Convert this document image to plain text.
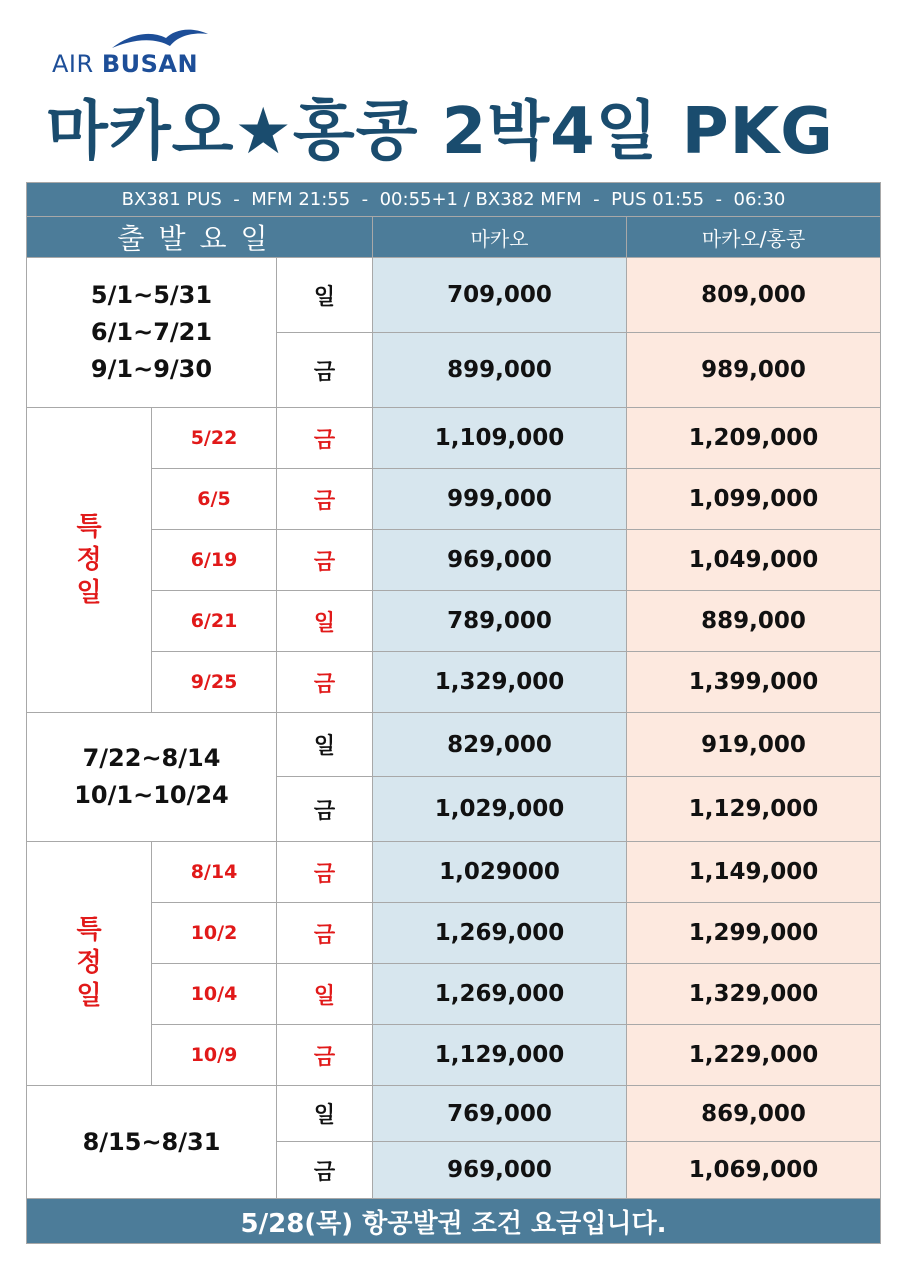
AIR BUSAN
마카오★홍콩 2박4일 PKG
BX381 PUS  -  MFM 21:55  -  00:55+1 / BX382 MFM  -  PUS 01:55  -  06:30				
출발요일			마카오	마카오/홍콩

5/1~5/31
6/1~7/21
9/1~9/30		일	709,000	809,000
		금	899,000	989,000

특
정
일	5/22	금	1,109,000	1,209,000
	6/5	금	999,000	1,099,000
	6/19	금	969,000	1,049,000
	6/21	일	789,000	889,000
	9/25	금	1,329,000	1,399,000

7/22~8/14
10/1~10/24		일	829,000	919,000
		금	1,029,000	1,129,000

특
정
일	8/14	금	1,029000	1,149,000
	10/2	금	1,269,000	1,299,000
	10/4	일	1,269,000	1,329,000
	10/9	금	1,129,000	1,229,000

8/15~8/31		일	769,000	869,000
		금	969,000	1,069,000
5/28(목) 항공발권 조건 요금입니다.				
